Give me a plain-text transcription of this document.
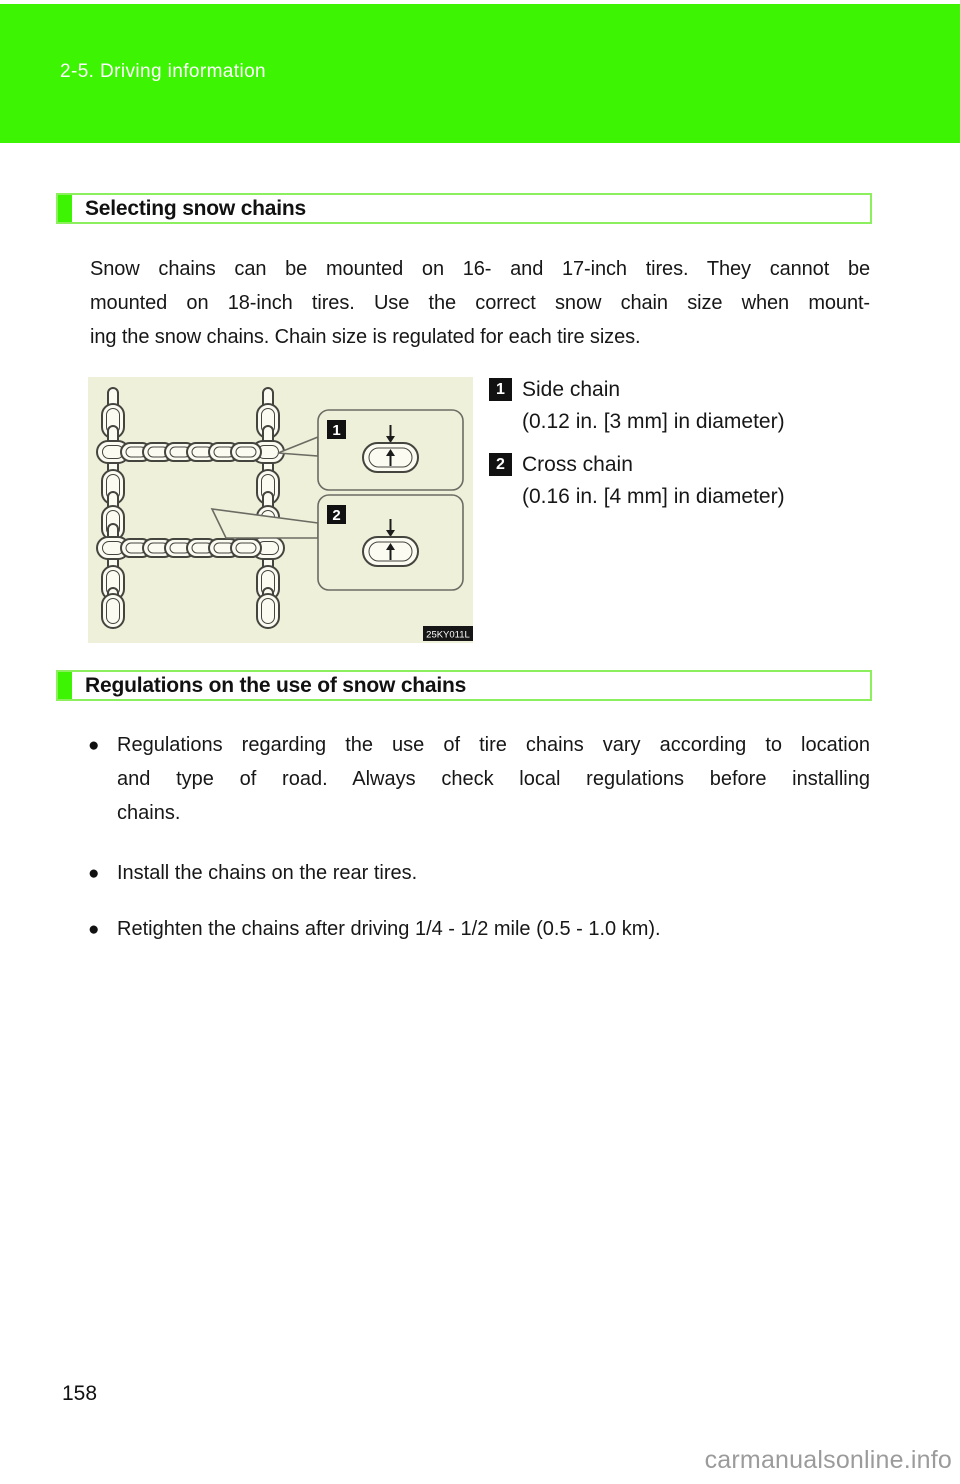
2-5. Driving information
Selecting snow chains
Snow chains can be mounted on 16- and 17-inch tires. They cannot be
mounted on 18-inch tires. Use the correct snow chain size when mount-
ing the snow chains. Chain size is regulated for each tire sizes.
1
2
25KY011L
1 Side chain
(0.12 in. [3 mm] in diameter)
2 Cross chain
(0.16 in. [4 mm] in diameter)
Regulations on the use of snow chains
● Regulations regarding the use of tire chains vary according to location
and type of road. Always check local regulations before installing
chains.
● Install the chains on the rear tires.
● Retighten the chains after driving 1/4 - 1/2 mile (0.5 - 1.0 km).
158
carmanualsonline.info
